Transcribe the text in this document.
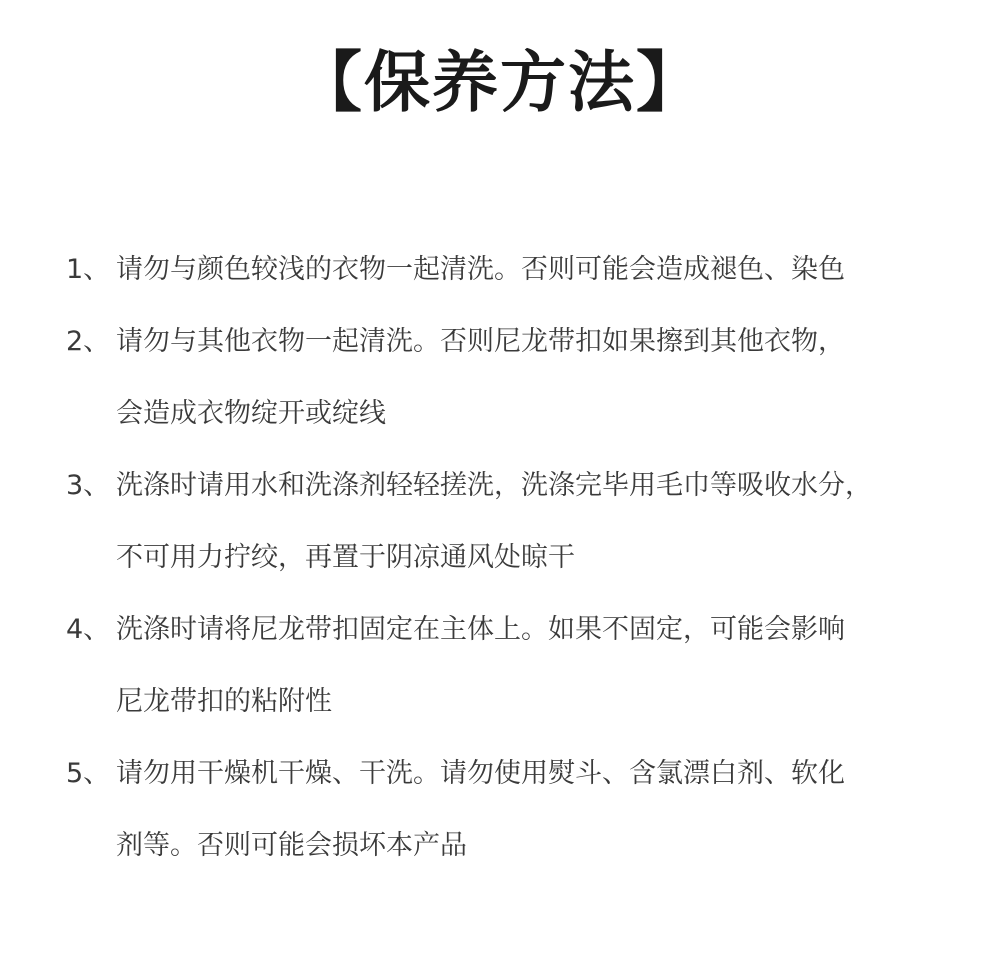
【保养方法】
1、 请勿与颜色较浅的衣物一起清洗。否则可能会造成褪色、染色
2、 请勿与其他衣物一起清洗。否则尼龙带扣如果擦到其他衣物，
会造成衣物绽开或绽线
3、 洗涤时请用水和洗涤剂轻轻搓洗，洗涤完毕用毛巾等吸收水分，
不可用力拧绞，再置于阴凉通风处晾干
4、 洗涤时请将尼龙带扣固定在主体上。如果不固定，可能会影响
尼龙带扣的粘附性
5、 请勿用干燥机干燥、干洗。请勿使用熨斗、含氯漂白剂、软化
剂等。否则可能会损坏本产品
